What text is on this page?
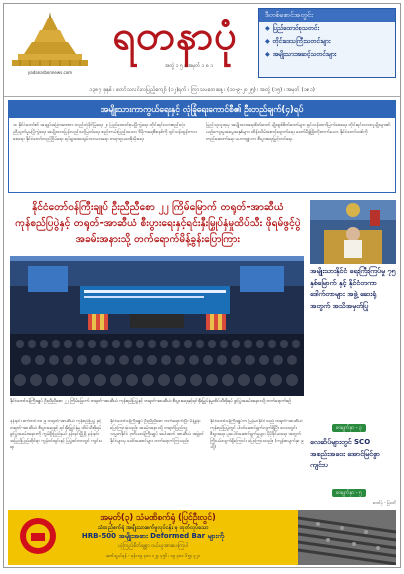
yadanarbonnews.com
ရတနာပုံ
အတွဲ ၁ ၅ ။ အမှတ် ၁ ၈ ၁
ဒီတစ်စောင်အတွင်း
◆ ပြည်ထောင်စုသတင်း
◆ တိုင်းဒေသကြီးသတင်းများ
◆ အမျိုးသားအဆင့်သတင်းများ
၁၃၈၇ ခုနှစ် ၊ တော်သလင်းလပြည့်ကျော် (၁၂)ရက် ၊ ကြာသပတေးနေ့ ၊ (၁၀-၉-၂၀၂၅) ၊ အတွဲ (၁၅) ၊ အမှတ် (၁၈၁)
အမျိုးသားကာကွယ်ရေးနှင့် လုံခြုံရေးကောင်စီ၏ ဦးတည်ချက်(၄)ရပ်

၁။ နိုင်ငံတော်၏ အချုပ်အခြာအာဏာ တည်တံ့ခိုင်မြဲရေး ၂။ ပြည်ထောင်စုမပြိုကွဲရေး တိုင်းရင်းသားစည်းလုံးညီညွတ်မှုမပြိုကွဲရေး အမျိုးသားပြန်လည်သင့်မြတ်ရေး စည်းကမ်းပြည့်ဝသော ဒီမိုကရေစီစနစ်ကို ရှင်သန်ထွန်းကားစေရေး နိုင်ငံတော်တည်ငြိမ်ရေး ရပ်ရွာအေးချမ်းသာယာရေး တရားဥပဒေစိုးမိုးရေး

ပြည်သူလူထုမှ အမျိုးသားရေးစိတ်ဓာတ် မျိုးချစ်စိတ်ဓာတ်များ ရှင်သန်ထက်မြက်စေရေး တိုင်းရင်းသားလူမျိုးများ၏ ယဉ်ကျေးမှုအမွေအနှစ်များ ထိန်းသိမ်းစောင့်ရှောက်ရေး ခေတ်မီဖွံ့ဖြိုးတိုးတက်သော နိုင်ငံတော်သစ်ကို တည်ဆောက်ရေး မဟာဗျူဟာ စီးပွားရေးမြှင့်တင်ရေး

နိုင်ငံတော်ဝန်ကြီးချုပ် ဦးညီညီစော ၂၂ ကြိမ်မြောက် တရုတ်-အာဆီယံ ကုန်စည်ပြပွဲနှင့် တရုတ်-အာဆီယံ စီးပွားရေးနှင့်ရင်းနှီးမြှုပ်နှံမှုထိပ်သီး ဖိုရမ်ဖွင့်ပွဲအခမ်းအနားသို့ တက်ရောက်မိန့်ခွန်းပြောကြား
နိုင်ငံတော်ဝန်ကြီးချုပ် ဦးညီညီစော ၂၂ ကြိမ်မြောက် တရုတ်-အာဆီယံ ကုန်စည်ပြပွဲနှင့် တရုတ်-အာဆီယံ စီးပွားရေးနှင့်ရင်းနှီးမြှုပ်နှံမှုထိပ်သီးဖိုရမ် ဖွင့်ပွဲအခမ်းအနားသို့ တက်ရောက်စဉ်
နန်းနင်း စက်တင်ဘာ ၉ တရုတ်-အာဆီယံ ကုန်စည်ပြပွဲ နှင့် တရုတ်-အာဆီယံ စီးပွားရေးနှင့် ရင်းနှီးမြှုပ်နှံမှု ထိပ်သီးဖိုရမ် ဖွင့်ပွဲအခမ်းအနားကို ကွမ်ရှီးပြည်နယ် နန်းနင်းမြို့ရှိ နန်းနင်းအပြည်ပြည်ဆိုင်ရာ ကွန်ဗင်းရှင်းနှင့် ပြပွဲစင်တာတွင် ကျင်းပရာ
နိုင်ငံတော်ဝန်ကြီးချုပ် ဦးညီညီစော တက်ရောက်ပြီး မိန့်ခွန်းပြောကြားခဲ့သည်။ အခမ်းအနားသို့ တရုတ်ပြည်သူ့သမ္မတနိုင်ငံ ဒုတိယဝန်ကြီးချုပ် အပါအဝင် အာဆီယံ အဖွဲ့ဝင်နိုင်ငံများမှ ခေါင်းဆောင်များ တက်ရောက်ကြသည်။
နိုင်ငံတော်ဝန်ကြီးချုပ်က မြန်မာနိုင်ငံသည် တရုတ်-အာဆီယံ ကုန်စည်ပြပွဲတွင် ပါဝင်ဆောင်ရွက်လျက်ရှိပြီး ဒေသတွင်း စီးပွားရေး ပူးပေါင်းဆောင်ရွက်မှုများ ပိုမိုခိုင်မာရေး အတွက် ကြိုးပမ်းလျက်ရှိကြောင်း ပြောကြားသည်။ (ကျန်စာမျက်နှာ ၉ သို့)
အမျိုးသားနိုင်ငံ ရေးကြီးကြပ်မှု ၇၅ နှစ်မြောက် နှင့် နိုင်ငံတကာ ဒေါက်တာများ အဖွဲ့ ဆေးရုံ အတွက် အသိအမှတ်ပြု
စာမျက်နှာ - ၃
လေဆိပ်များတွင် SCO အစည်းအဝေး အောင်မြင်စွာ ကျင်းပ
စာမျက်နှာ - ၅
ဓာတ်ပုံ - မြဝတီ
အမှတ်(၃) သံမဏိစက်ရုံ (ပြင်ဦးလွင်)
သံထည်စက်ရုံ အမျိုးသားစက်မှုလုပ်ငန်း မှ ထုတ်လုပ်သော
HRB-500 အမျိုးအစား Deformed Bar များကို
ယုံကြည်စိတ်ချစွာ ဝယ်ယူအားပေးကြပါ
ဆက်သွယ်ရန် - ဖုန်း ၀၉ ၄၀၀ ၁၂၃ ၄၅၆ ၊ ၀၉ ၄၀၀ ၆၅၄ ၃၂၁
